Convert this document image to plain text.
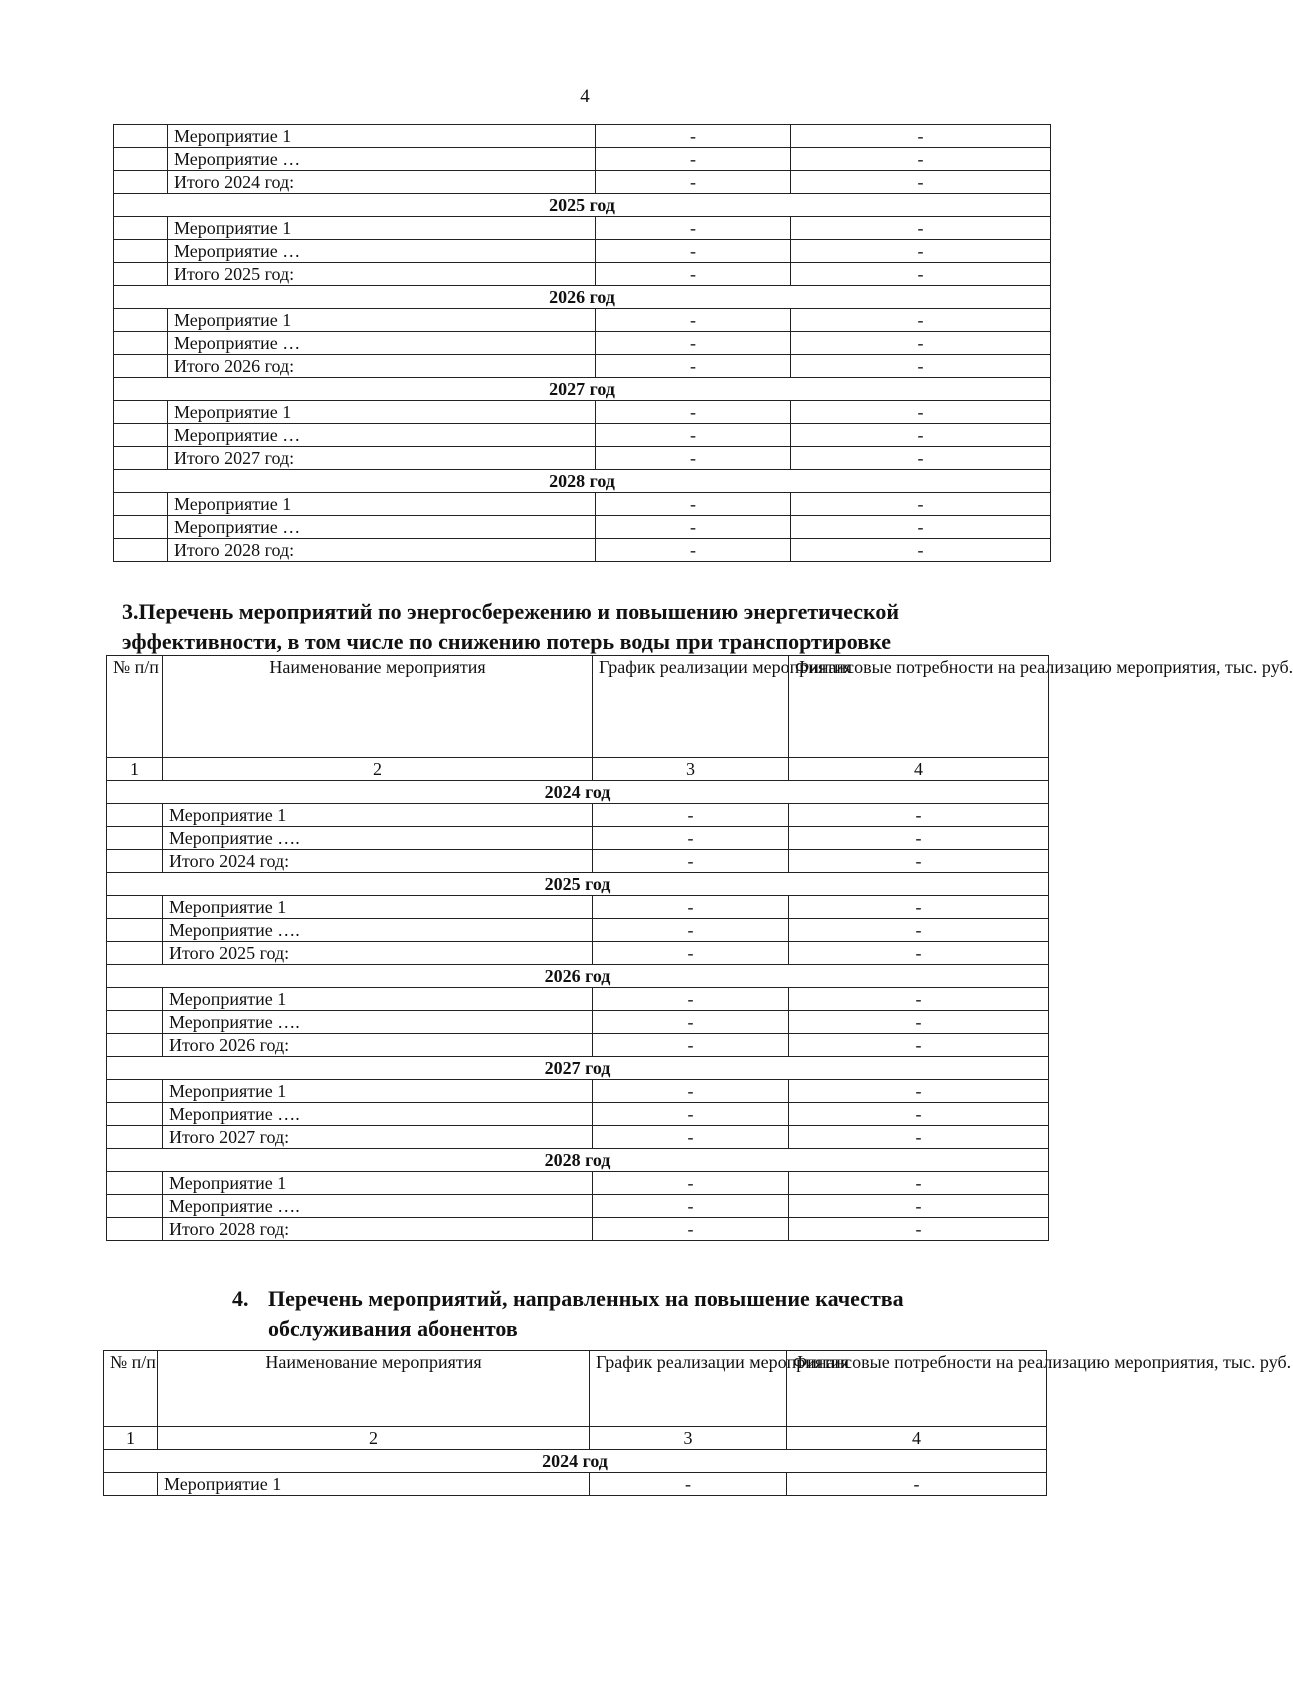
4
	Мероприятие 1	-	-
	Мероприятие …	-	-
	Итого 2024 год:	-	-
2025 год			
	Мероприятие 1	-	-
	Мероприятие …	-	-
	Итого 2025 год:	-	-
2026 год			
	Мероприятие 1	-	-
	Мероприятие …	-	-
	Итого 2026 год:	-	-
2027 год			
	Мероприятие 1	-	-
	Мероприятие …	-	-
	Итого 2027 год:	-	-
2028 год			
	Мероприятие 1	-	-
	Мероприятие …	-	-
	Итого 2028 год:	-	-
3.Перечень мероприятий по энергосбережению и повышению энергетической эффективности, в том числе по снижению потерь воды при транспортировке
№ п/п	Наименование мероприятия	График реализации мероприятия	Финансовые потребности на реализацию мероприятия, тыс. руб.
1	2	3	4
2024 год			
	Мероприятие 1	-	-
	Мероприятие ….	-	-
	Итого 2024 год:	-	-
2025 год			
	Мероприятие 1	-	-
	Мероприятие ….	-	-
	Итого 2025 год:	-	-
2026 год			
	Мероприятие 1	-	-
	Мероприятие ….	-	-
	Итого 2026 год:	-	-
2027 год			
	Мероприятие 1	-	-
	Мероприятие ….	-	-
	Итого 2027 год:	-	-
2028 год			
	Мероприятие 1	-	-
	Мероприятие ….	-	-
	Итого 2028 год:	-	-
4. Перечень мероприятий, направленных на повышение качества обслуживания абонентов
№ п/п	Наименование мероприятия	График реализации мероприятия	Финансовые потребности на реализацию мероприятия, тыс. руб.
1	2	3	4
2024 год			
	Мероприятие 1	-	-
